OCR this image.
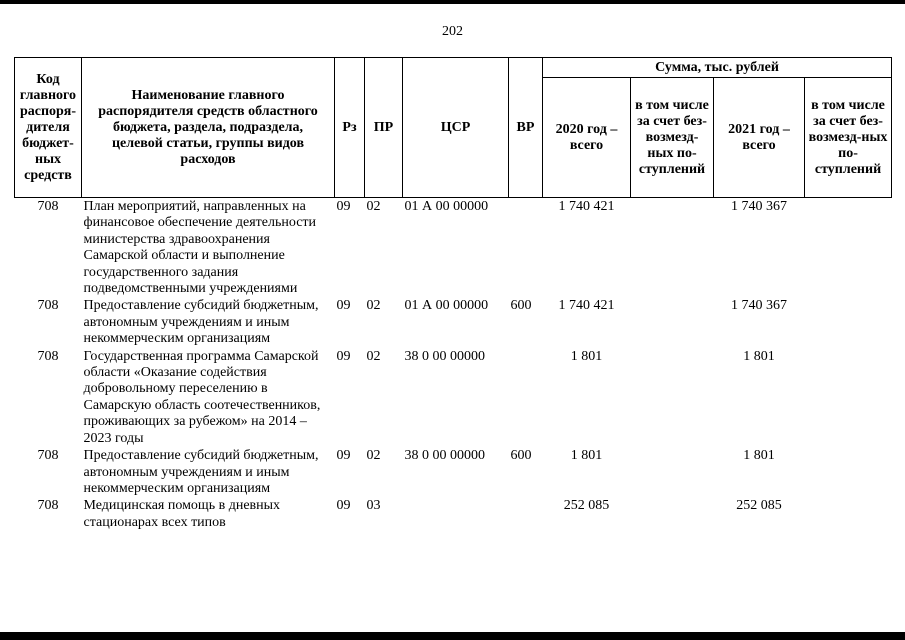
202
Код главного распоря-дителя бюджет-ных средств	Наименование главного распорядителя средств областного бюджета, раздела, подраздела, целевой статьи, группы видов расходов	Рз	ПР	ЦСР	ВР	Сумма, тыс. рублей			
						2020 год – всего	в том числе за счет без-возмезд-ных по-ступлений	2021 год – всего	в том числе за счет без-возмезд-ных по-ступлений
708	План мероприятий, направленных на финансовое обеспечение деятельности министерства здравоохранения Самарской области и выполнение государственного задания подведомственными учреждениями	09	02	01 А 00 00000		1 740 421		1 740 367	
708	Предоставление субсидий бюджетным, автономным учреждениям и иным некоммерческим организациям	09	02	01 А 00 00000	600	1 740 421		1 740 367	
708	Государственная программа Самарской области «Оказание содействия добровольному переселению в Самарскую область соотечественников, проживающих за рубежом» на 2014 – 2023 годы	09	02	38 0 00 00000		1 801		1 801	
708	Предоставление субсидий бюджетным, автономным учреждениям и иным некоммерческим организациям	09	02	38 0 00 00000	600	1 801		1 801	
708	Медицинская помощь в дневных стационарах всех типов	09	03			252 085		252 085	
